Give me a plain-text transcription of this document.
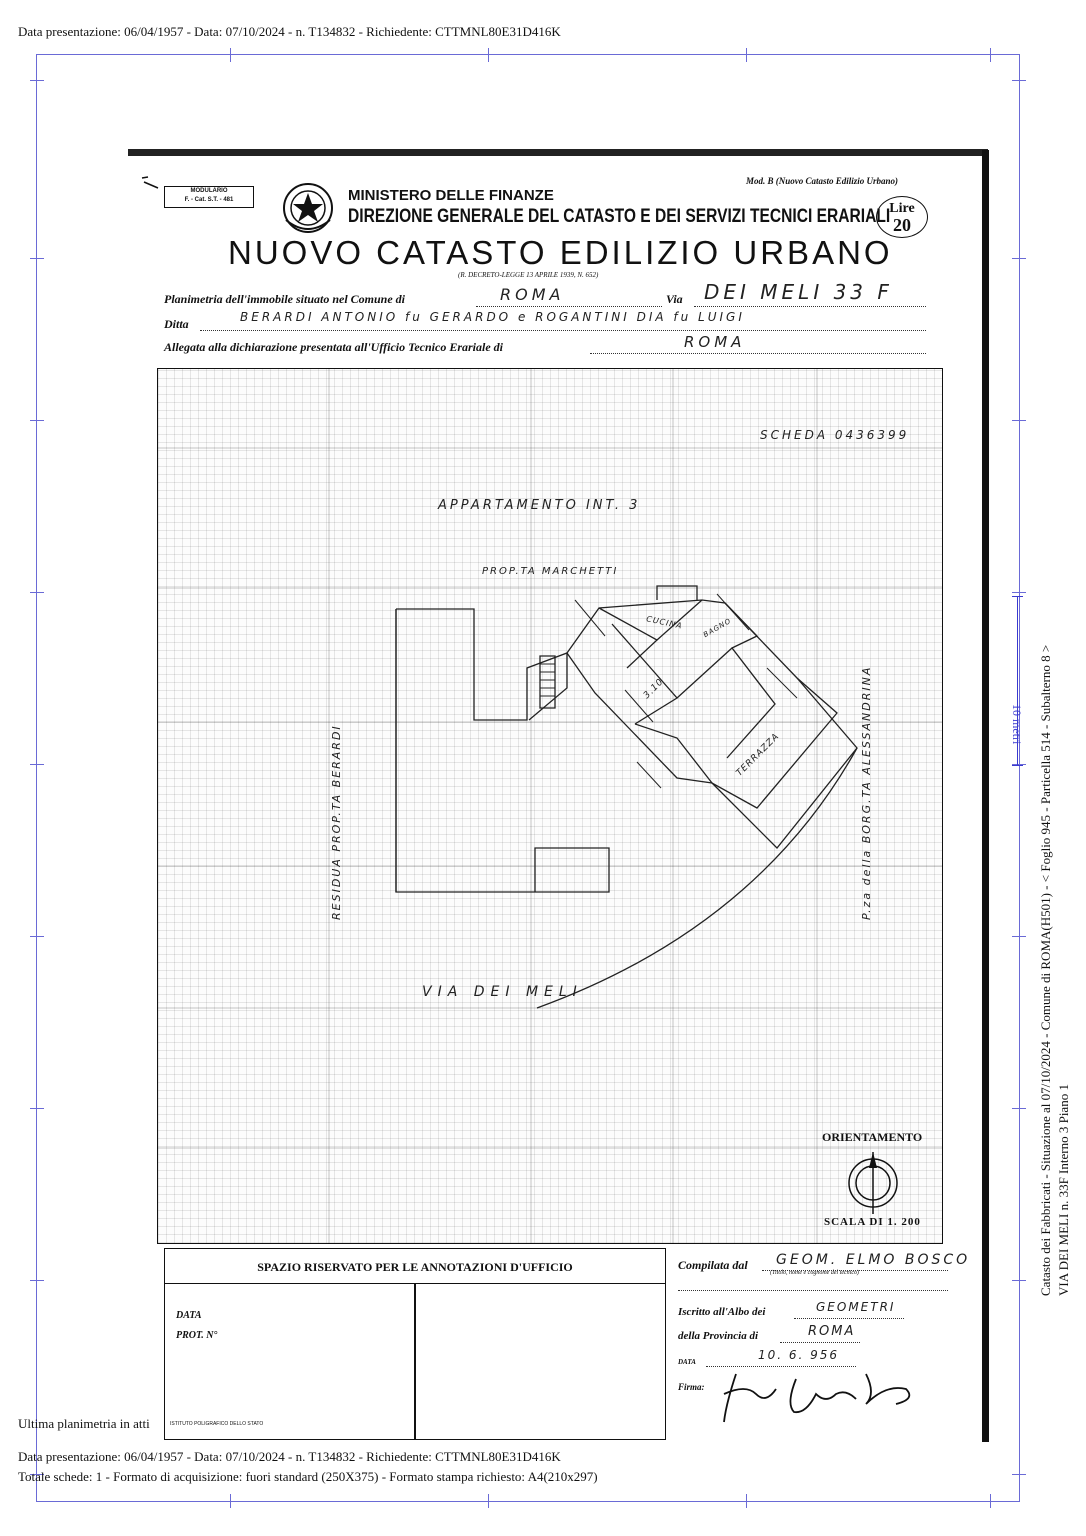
Data presentazione: 06/04/1957 - Data: 07/10/2024 - n. T134832 - Richiedente: CTTMNL80E31D416K
MODULARIO
F. - Cat. S.T. - 481
Mod. B (Nuovo Catasto Edilizio Urbano)
MINISTERO DELLE FINANZE
DIREZIONE GENERALE DEL CATASTO E DEI SERVIZI TECNICI ERARIALI
NUOVO CATASTO EDILIZIO URBANO
(R. DECRETO-LEGGE 13 APRILE 1939, N. 652)
Lire
20
Planimetria dell'immobile situato nel Comune di	ROMA	Via DEI MELI 33 F
Ditta	BERARDI ANTONIO fu GERARDO e ROGANTINI DIA fu LUIGI
Allegata alla dichiarazione presentata all'Ufficio Tecnico Erariale di	ROMA
SCHEDA 0436399
APPARTAMENTO INT. 3
PROP.TA MARCHETTI
CUCINA	BAGNO
3.10
TERRAZZA
RESIDUA PROP.TA BERARDI	P.za della BORG.TA ALESSANDRINA
VIA DEI MELI
ORIENTAMENTO
SCALA DI 1. 200
SPAZIO RISERVATO PER LE ANNOTAZIONI D'UFFICIO
DATA
PROT. N°
Compilata dal GEOM. ELMO BOSCO
(Titolo, nome e cognome del tecnico)
Iscritto all'Albo dei	GEOMETRI
della Provincia di	ROMA
DATA	10. 6. 956
Firma:
Ultima planimetria in atti	ISTITUTO POLIGRAFICO DELLO STATO
Data presentazione: 06/04/1957 - Data: 07/10/2024 - n. T134832 - Richiedente: CTTMNL80E31D416K
Totale schede: 1 - Formato di acquisizione: fuori standard (250X375) - Formato stampa richiesto: A4(210x297)
Catasto dei Fabbricati - Situazione al 07/10/2024 - Comune di ROMA(H501) - < Foglio 945 - Particella 514 - Subalterno 8 > VIA DEI MELI n. 33F Interno 3 Piano 1
10 metri
